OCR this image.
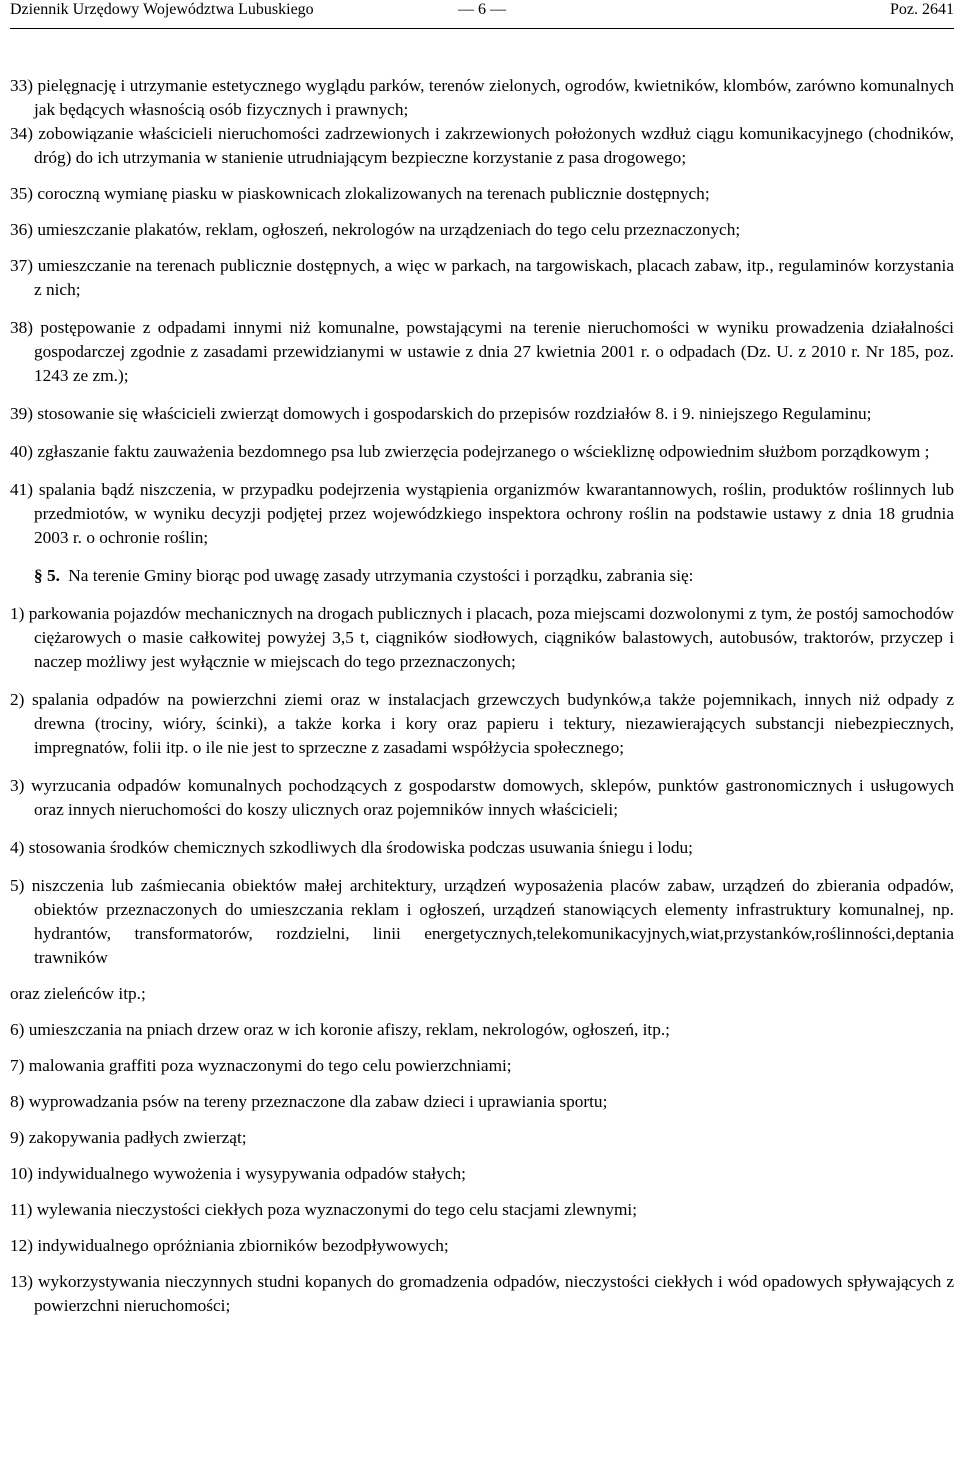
Dziennik Urzędowy Województwa Lubuskiego	— 6 —	Poz. 2641

33) pielęgnację i utrzymanie estetycznego wyglądu parków, terenów zielonych, ogrodów, kwietników, klombów, zarówno komunalnych jak będących własnością osób fizycznych i prawnych;

34) zobowiązanie właścicieli nieruchomości zadrzewionych i zakrzewionych położonych wzdłuż ciągu komunikacyjnego (chodników, dróg) do ich utrzymania w stanienie utrudniającym bezpieczne korzystanie z pasa drogowego;

35) coroczną wymianę piasku w piaskownicach zlokalizowanych na terenach publicznie dostępnych;

36) umieszczanie plakatów, reklam, ogłoszeń, nekrologów na urządzeniach do tego celu przeznaczonych;

37) umieszczanie na terenach publicznie dostępnych, a więc w parkach, na targowiskach, placach zabaw, itp., regulaminów korzystania z nich;

38) postępowanie z odpadami innymi niż komunalne, powstającymi na terenie nieruchomości w wyniku prowadzenia działalności gospodarczej zgodnie z zasadami przewidzianymi w ustawie z dnia 27 kwietnia 2001 r. o odpadach (Dz. U. z 2010 r. Nr 185, poz. 1243 ze zm.);

39) stosowanie się właścicieli zwierząt domowych i gospodarskich do przepisów rozdziałów 8. i 9. niniejszego Regulaminu;

40) zgłaszanie faktu zauważenia bezdomnego psa lub zwierzęcia podejrzanego o wściekliznę odpowiednim służbom porządkowym ;

41) spalania bądź niszczenia, w przypadku podejrzenia wystąpienia organizmów kwarantannowych, roślin, produktów roślinnych lub przedmiotów, w wyniku decyzji podjętej przez wojewódzkiego inspektora ochrony roślin na podstawie ustawy z dnia 18 grudnia 2003 r. o ochronie roślin;

§ 5. Na terenie Gminy biorąc pod uwagę zasady utrzymania czystości i porządku, zabrania się:

1) parkowania pojazdów mechanicznych na drogach publicznych i placach, poza miejscami dozwolonymi z tym, że postój samochodów ciężarowych o masie całkowitej powyżej 3,5 t, ciągników siodłowych, ciągników balastowych, autobusów, traktorów, przyczep i naczep możliwy jest wyłącznie w miejscach do tego przeznaczonych;

2) spalania odpadów na powierzchni ziemi oraz w instalacjach grzewczych budynków,a także pojemnikach, innych niż odpady z drewna (trociny, wióry, ścinki), a także korka i kory oraz papieru i tektury, niezawierających substancji niebezpiecznych, impregnatów, folii itp. o ile nie jest to sprzeczne z zasadami współżycia społecznego;

3) wyrzucania odpadów komunalnych pochodzących z gospodarstw domowych, sklepów, punktów gastronomicznych i usługowych oraz innych nieruchomości do koszy ulicznych oraz pojemników innych właścicieli;

4) stosowania środków chemicznych szkodliwych dla środowiska podczas usuwania śniegu i lodu;

5) niszczenia lub zaśmiecania obiektów małej architektury, urządzeń wyposażenia placów zabaw, urządzeń do zbierania odpadów, obiektów przeznaczonych do umieszczania reklam i ogłoszeń, urządzeń stanowiących elementy infrastruktury komunalnej, np. hydrantów, transformatorów, rozdzielni, linii energetycznych,telekomunikacyjnych,wiat,przystanków,roślinności,deptania trawników

oraz zieleńców itp.;

6) umieszczania na pniach drzew oraz w ich koronie afiszy, reklam, nekrologów, ogłoszeń, itp.;

7) malowania graffiti poza wyznaczonymi do tego celu powierzchniami;

8) wyprowadzania psów na tereny przeznaczone dla zabaw dzieci i uprawiania sportu;

9) zakopywania padłych zwierząt;

10) indywidualnego wywożenia i wysypywania odpadów stałych;

11) wylewania nieczystości ciekłych poza wyznaczonymi do tego celu stacjami zlewnymi;

12) indywidualnego opróżniania zbiorników bezodpływowych;

13) wykorzystywania nieczynnych studni kopanych do gromadzenia odpadów, nieczystości ciekłych i wód opadowych spływających z powierzchni nieruchomości;
